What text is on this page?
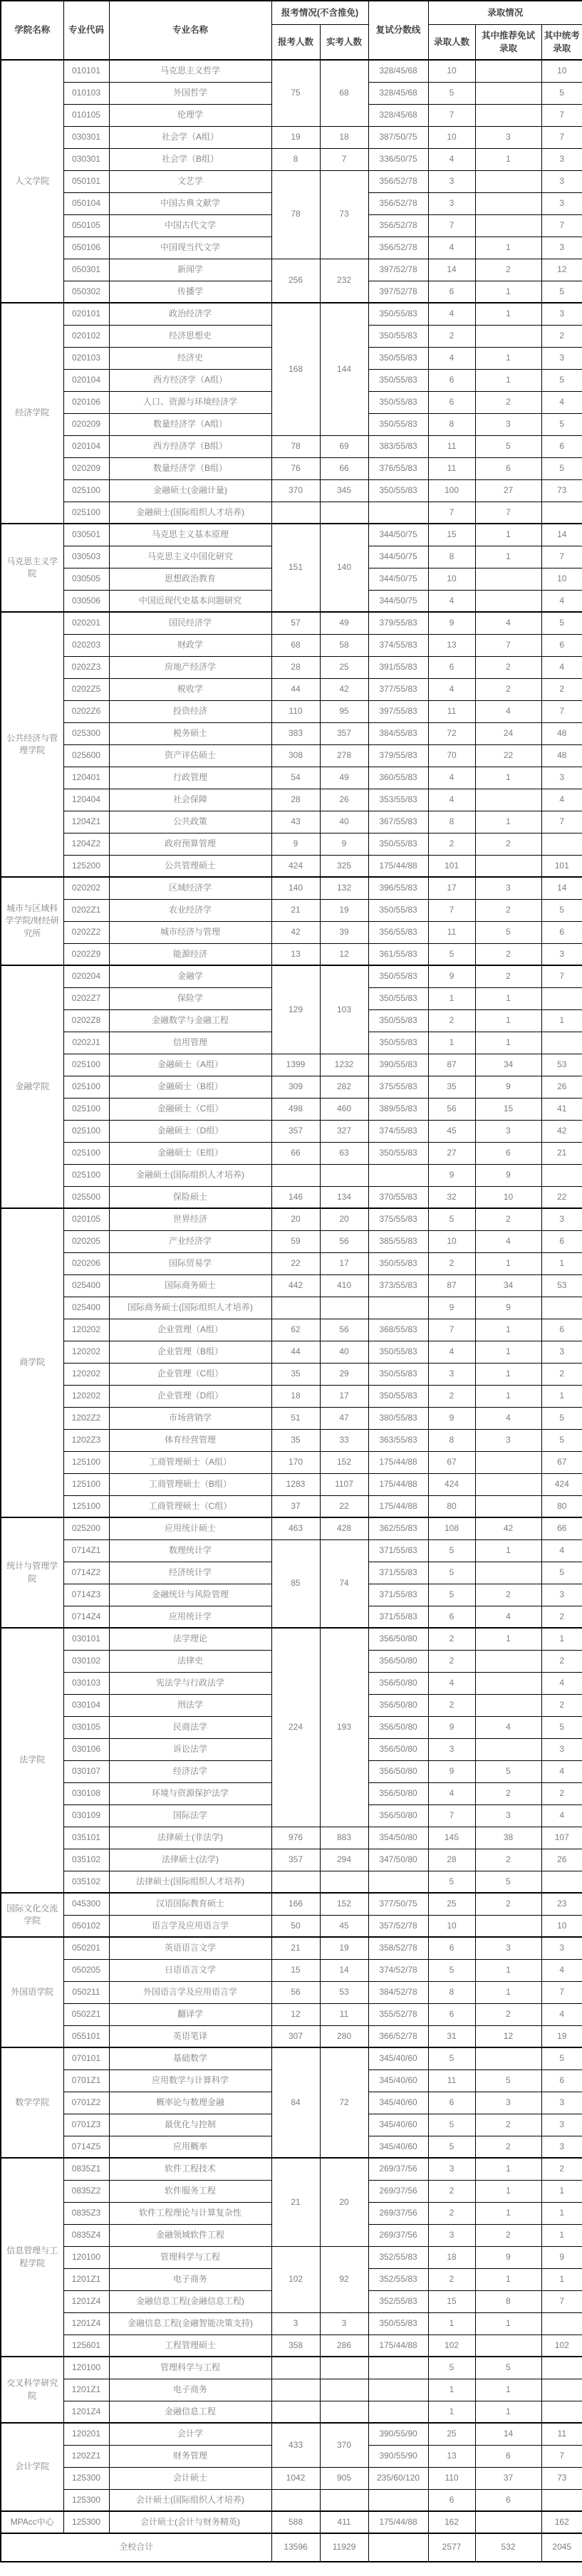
学院名称	专业代码	专业名称	报考情况(不含推免)		复试分数线	录取情况		
			报考人数	实考人数		录取人数	其中推荐免试录取	其中统考录取
人文学院	010101	马克思主义哲学	75	68	328/45/68	10		10
	010103	外国哲学			328/45/68	5		5
	010105	伦理学			328/45/68	7		7
	030301	社会学（A组）	19	18	387/50/75	10	3	7
	030301	社会学（B组）	8	7	336/50/75	4	1	3
	050101	文艺学	78	73	356/52/78	3		3
	050104	中国古典文献学			356/52/78	3		3
	050105	中国古代文学			356/52/78	7		7
	050106	中国现当代文学			356/52/78	4	1	3
	050301	新闻学	256	232	397/52/78	14	2	12
	050302	传播学			397/52/78	6	1	5
经济学院	020101	政治经济学	168	144	350/55/83	4	1	3
	020102	经济思想史			350/55/83	2		2
	020103	经济史			350/55/83	4	1	3
	020104	西方经济学（A组）			350/55/83	6	1	5
	020106	人口、资源与环境经济学			350/55/83	6	2	4
	020209	数量经济学（A组）			350/55/83	8	3	5
	020104	西方经济学（B组）	78	69	383/55/83	11	5	6
	020209	数量经济学（B组）	76	66	376/55/83	11	6	5
	025100	金融硕士(金融计量)	370	345	350/55/83	100	27	73
	025100	金融硕士(国际组织人才培养)				7	7	
马克思主义学院	030501	马克思主义基本原理	151	140	344/50/75	15	1	14
	030503	马克思主义中国化研究			344/50/75	8	1	7
	030505	思想政治教育			344/50/75	10		10
	030506	中国近现代史基本问题研究			344/50/75	4		4
公共经济与管理学院	020201	国民经济学	57	49	379/55/83	9	4	5
	020203	财政学	68	58	374/55/83	13	7	6
	0202Z3	房地产经济学	28	25	391/55/83	6	2	4
	0202Z5	税收学	44	42	377/55/83	4	2	2
	0202Z6	投资经济	110	95	397/55/83	11	4	7
	025300	税务硕士	383	357	384/55/83	72	24	48
	025600	资产评估硕士	308	278	379/55/83	70	22	48
	120401	行政管理	54	49	360/55/83	4	1	3
	120404	社会保障	28	26	353/55/83	4		4
	1204Z1	公共政策	43	40	367/55/83	8	1	7
	1204Z2	政府预算管理	9	9	350/55/83	2	2	
	125200	公共管理硕士	424	325	175/44/88	101		101
城市与区域科学学院/财经研究所	020202	区域经济学	140	132	396/55/83	17	3	14
	0202Z1	农业经济学	21	19	350/55/83	7	2	5
	0202Z2	城市经济与管理	42	39	356/55/83	11	5	6
	0202Z9	能源经济	13	12	361/55/83	5	2	3
金融学院	020204	金融学	129	103	350/55/83	9	2	7
	0202Z7	保险学			350/55/83	1	1	
	0202Z8	金融数学与金融工程			350/55/83	2	1	1
	0202J1	信用管理			350/55/83	1	1	
	025100	金融硕士（A组）	1399	1232	390/55/83	87	34	53
	025100	金融硕士（B组）	309	282	375/55/83	35	9	26
	025100	金融硕士（C组）	498	460	389/55/83	56	15	41
	025100	金融硕士（D组）	357	327	374/55/83	45	3	42
	025100	金融硕士（E组）	66	63	350/55/83	27	6	21
	025100	金融硕士(国际组织人才培养)				9	9	
	025500	保险硕士	146	134	370/55/83	32	10	22
商学院	020105	世界经济	20	20	375/55/83	5	2	3
	020205	产业经济学	59	56	385/55/83	10	4	6
	020206	国际贸易学	22	17	350/55/83	2	1	1
	025400	国际商务硕士	442	410	373/55/83	87	34	53
	025400	国际商务硕士(国际组织人才培养)				9	9	
	120202	企业管理（A组）	62	56	368/55/83	7	1	6
	120202	企业管理（B组）	44	40	350/55/83	4	1	3
	120202	企业管理（C组）	35	29	350/55/83	3	1	2
	120202	企业管理（D组）	18	17	350/55/83	2	1	1
	1202Z2	市场营销学	51	47	380/55/83	9	4	5
	1202Z3	体育经营管理	35	33	363/55/83	8	3	5
	125100	工商管理硕士（A组）	170	152	175/44/88	67		67
	125100	工商管理硕士（B组）	1283	1107	175/44/88	424		424
	125100	工商管理硕士（C组）	37	22	175/44/88	80		80
统计与管理学院	025200	应用统计硕士	463	428	362/55/83	108	42	66
	0714Z1	数理统计学	85	74	371/55/83	5	1	4
	0714Z2	经济统计学			371/55/83	5		5
	0714Z3	金融统计与风险管理			371/55/83	5	2	3
	0714Z4	应用统计学			371/55/83	6	4	2
法学院	030101	法学理论	224	193	356/50/80	2	1	1
	030102	法律史			356/50/80	2		2
	030103	宪法学与行政法学			356/50/80	4		4
	030104	刑法学			356/50/80	2		2
	030105	民商法学			356/50/80	9	4	5
	030106	诉讼法学			356/50/80	3		3
	030107	经济法学			356/50/80	9	5	4
	030108	环境与资源保护法学			356/50/80	4	2	2
	030109	国际法学			356/50/80	7	3	4
	035101	法律硕士(非法学)	976	883	354/50/80	145	38	107
	035102	法律硕士(法学)	357	294	347/50/80	28	2	26
	035102	法律硕士(国际组织人才培养)				5	5	
国际文化交流学院	045300	汉语国际教育硕士	166	152	377/50/75	25	2	23
	050102	语言学及应用语言学	50	45	357/52/78	10		10
外国语学院	050201	英语语言文学	21	19	358/52/78	6	3	3
	050205	日语语言文学	15	14	374/52/78	5	1	4
	050211	外国语言学及应用语言学	56	53	384/52/78	8	1	7
	0502Z1	翻译学	12	11	355/52/78	6	2	4
	055101	英语笔译	307	280	366/52/78	31	12	19
数学学院	070101	基础数学	84	72	345/40/60	5		5
	0701Z1	应用数学与计算科学			345/40/60	11	5	6
	0701Z2	概率论与数理金融			345/40/60	6	3	3
	0701Z3	最优化与控制			345/40/60	5	2	3
	0714Z5	应用概率			345/40/60	5	2	3
信息管理与工程学院	0835Z1	软件工程技术	21	20	269/37/56	3	1	2
	0835Z2	软件服务工程			269/37/56	2	1	1
	0835Z3	软件工程理论与计算复杂性			269/37/56	2	1	1
	0835Z4	金融领域软件工程			269/37/56	3	2	1
	120100	管理科学与工程	102	92	352/55/83	18	9	9
	1201Z1	电子商务			352/55/83	2	1	1
	1201Z4	金融信息工程(金融信息工程)			352/55/83	15	8	7
	1201Z4	金融信息工程(金融智能决策支持)	3	3	350/55/83	1	1	
	125601	工程管理硕士	358	286	175/44/88	102		102
交叉科学研究院	120100	管理科学与工程				5	5	
	1201Z1	电子商务				1	1	
	1201Z4	金融信息工程				1	1	
会计学院	120201	会计学	433	370	390/55/90	25	14	11
	1202Z1	财务管理			390/55/90	13	6	7
	125300	会计硕士	1042	905	235/60/120	110	37	73
	125300	会计硕士(国际组织人才培养)				6	6	
MPAcc中心	125300	会计硕士(会计与财务精英)	588	411	175/44/88	162		162
全校合计			13596	11929		2577	532	2045
